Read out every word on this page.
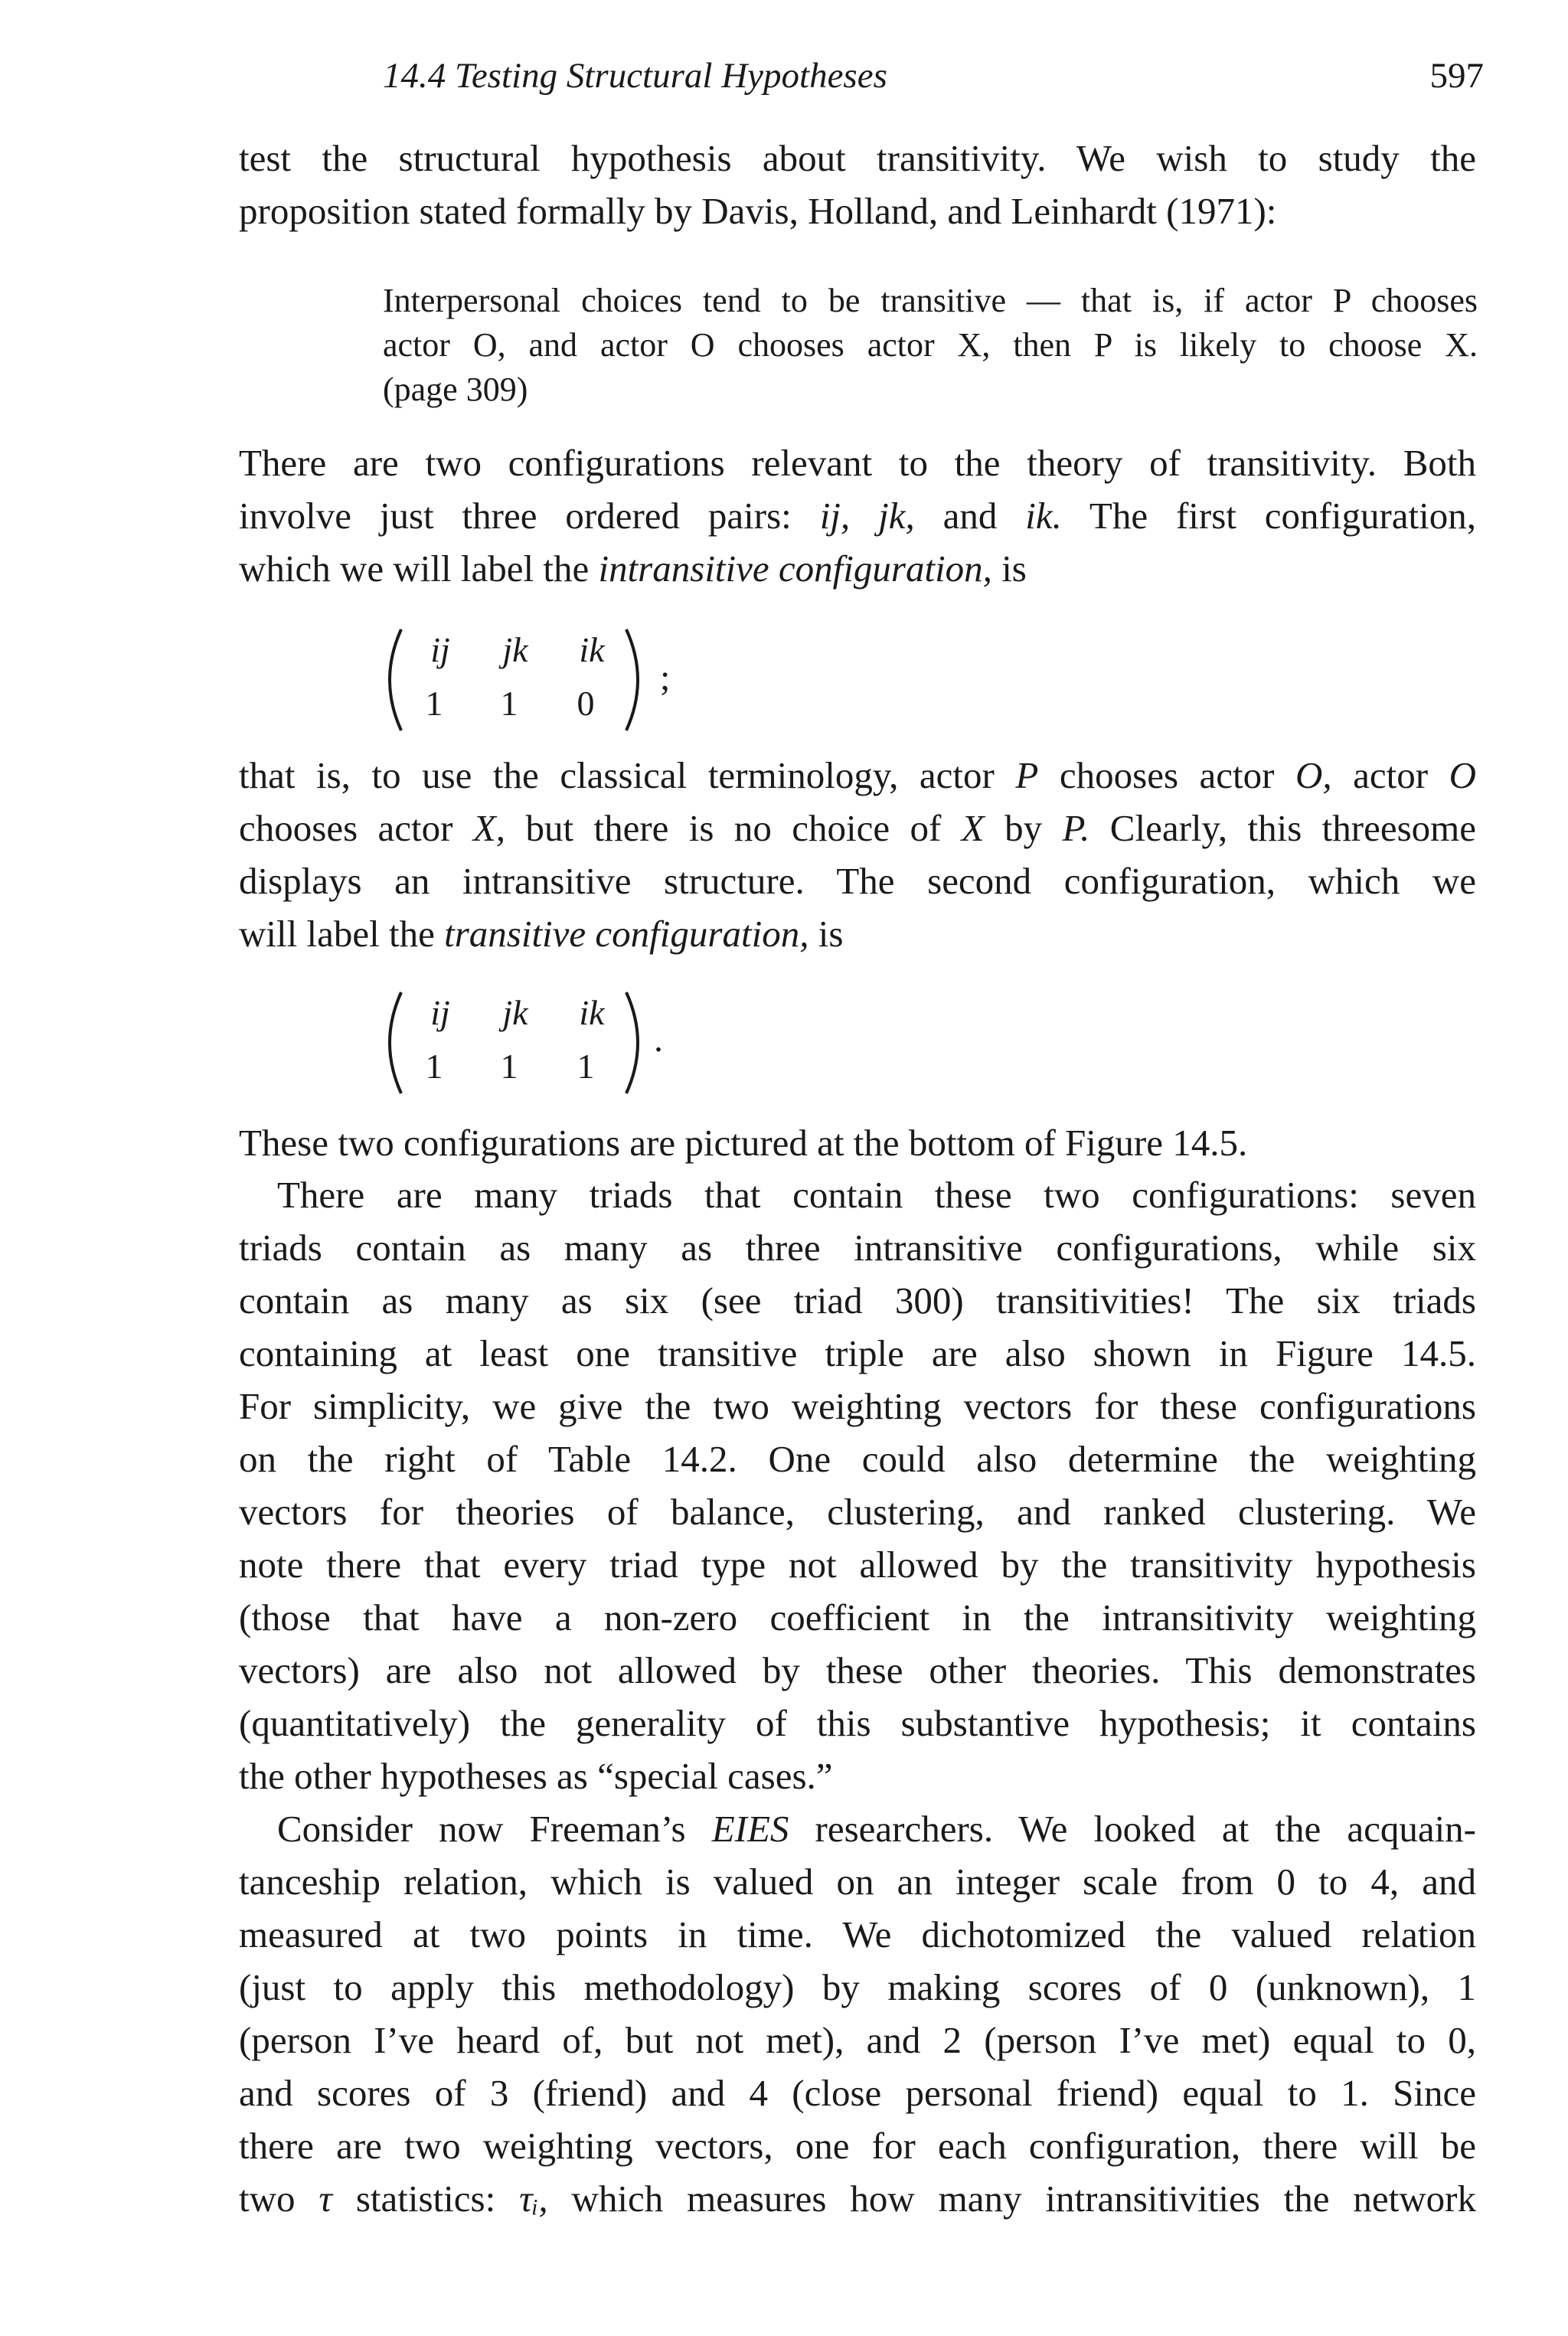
14.4 Testing Structural Hypotheses	597
test the structural hypothesis about transitivity. We wish to study the
proposition stated formally by Davis, Holland, and Leinhardt (1971):
Interpersonal choices tend to be transitive — that is, if actor P chooses
actor O, and actor O chooses actor X, then P is likely to choose X.
(page 309)
There are two configurations relevant to the theory of transitivity. Both
involve just three ordered pairs: ij, jk, and ik. The first configuration,
which we will label the intransitive configuration, is
ij	jk	ik
1	1	0
;
that is, to use the classical terminology, actor P chooses actor O, actor O
chooses actor X, but there is no choice of X by P. Clearly, this threesome
displays an intransitive structure. The second configuration, which we
will label the transitive configuration, is
ij	jk	ik
1	1	1
.
These two configurations are pictured at the bottom of Figure 14.5.
There are many triads that contain these two configurations: seven
triads contain as many as three intransitive configurations, while six
contain as many as six (see triad 300) transitivities! The six triads
containing at least one transitive triple are also shown in Figure 14.5.
For simplicity, we give the two weighting vectors for these configurations
on the right of Table 14.2. One could also determine the weighting
vectors for theories of balance, clustering, and ranked clustering. We
note there that every triad type not allowed by the transitivity hypothesis
(those that have a non-zero coefficient in the intransitivity weighting
vectors) are also not allowed by these other theories. This demonstrates
(quantitatively) the generality of this substantive hypothesis; it contains
the other hypotheses as “special cases.”
Consider now Freeman’s EIES researchers. We looked at the acquain-
tanceship relation, which is valued on an integer scale from 0 to 4, and
measured at two points in time. We dichotomized the valued relation
(just to apply this methodology) by making scores of 0 (unknown), 1
(person I’ve heard of, but not met), and 2 (person I’ve met) equal to 0,
and scores of 3 (friend) and 4 (close personal friend) equal to 1. Since
there are two weighting vectors, one for each configuration, there will be
two τ statistics: τᵢ, which measures how many intransitivities the network
